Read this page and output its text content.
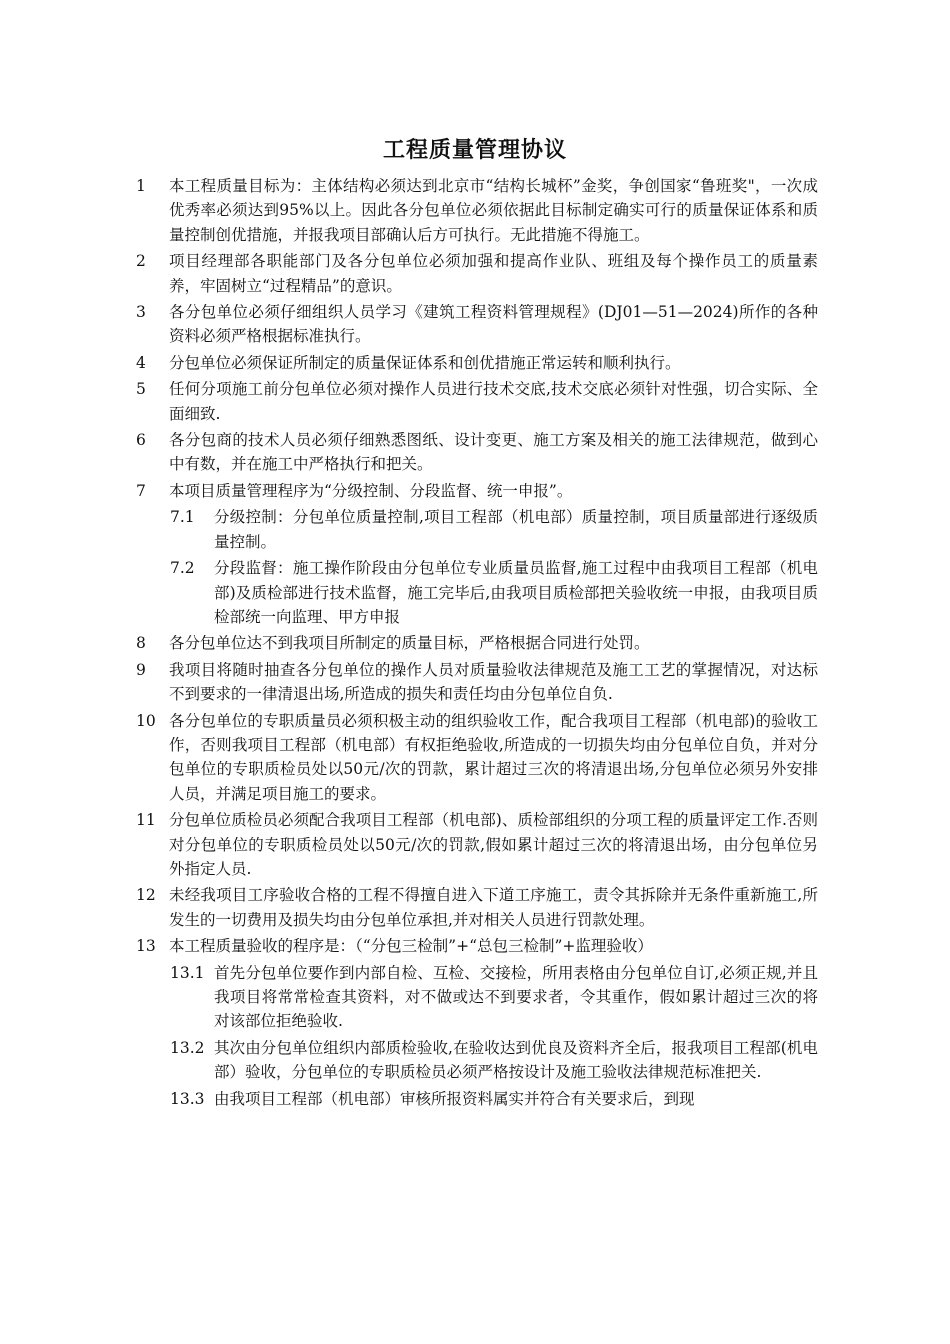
工程质量管理协议
1	本工程质量目标为：主体结构必须达到北京市“结构长城杯”金奖，争创国家“鲁班奖"，一次成优秀率必须达到95%以上。因此各分包单位必须依据此目标制定确实可行的质量保证体系和质量控制创优措施，并报我项目部确认后方可执行。无此措施不得施工。
2	项目经理部各职能部门及各分包单位必须加强和提高作业队、班组及每个操作员工的质量素养，牢固树立“过程精品”的意识。
3	各分包单位必须仔细组织人员学习《建筑工程资料管理规程》(DJ01—51—2024)所作的各种资料必须严格根据标准执行。
4	分包单位必须保证所制定的质量保证体系和创优措施正常运转和顺利执行。
5	任何分项施工前分包单位必须对操作人员进行技术交底,技术交底必须针对性强，切合实际、全面细致.
6	各分包商的技术人员必须仔细熟悉图纸、设计变更、施工方案及相关的施工法律规范，做到心中有数，并在施工中严格执行和把关。
7	本项目质量管理程序为“分级控制、分段监督、统一申报”。
7.1	分级控制：分包单位质量控制,项目工程部（机电部）质量控制，项目质量部进行逐级质量控制。
7.2	分段监督：施工操作阶段由分包单位专业质量员监督,施工过程中由我项目工程部（机电部)及质检部进行技术监督，施工完毕后,由我项目质检部把关验收统一申报，由我项目质检部统一向监理、甲方申报
8	各分包单位达不到我项目所制定的质量目标，严格根据合同进行处罚。
9	我项目将随时抽查各分包单位的操作人员对质量验收法律规范及施工工艺的掌握情况，对达标不到要求的一律清退出场,所造成的损失和责任均由分包单位自负.
10 各分包单位的专职质量员必须积极主动的组织验收工作，配合我项目工程部（机电部)的验收工作，否则我项目工程部（机电部）有权拒绝验收,所造成的一切损失均由分包单位自负，并对分包单位的专职质检员处以50元/次的罚款，累计超过三次的将清退出场,分包单位必须另外安排人员，并满足项目施工的要求。
11 分包单位质检员必须配合我项目工程部（机电部)、质检部组织的分项工程的质量评定工作.否则对分包单位的专职质检员处以50元/次的罚款,假如累计超过三次的将清退出场，由分包单位另外指定人员.
12 未经我项目工序验收合格的工程不得擅自进入下道工序施工，责令其拆除并无条件重新施工,所发生的一切费用及损失均由分包单位承担,并对相关人员进行罚款处理。
13 本工程质量验收的程序是：（“分包三检制”+“总包三检制”+监理验收）
13.1 首先分包单位要作到内部自检、互检、交接检，所用表格由分包单位自订,必须正规,并且我项目将常常检查其资料，对不做或达不到要求者，令其重作，假如累计超过三次的将对该部位拒绝验收.
13.2 其次由分包单位组织内部质检验收,在验收达到优良及资料齐全后，报我项目工程部(机电部）验收，分包单位的专职质检员必须严格按设计及施工验收法律规范标准把关.
13.3 由我项目工程部（机电部）审核所报资料属实并符合有关要求后，到现
